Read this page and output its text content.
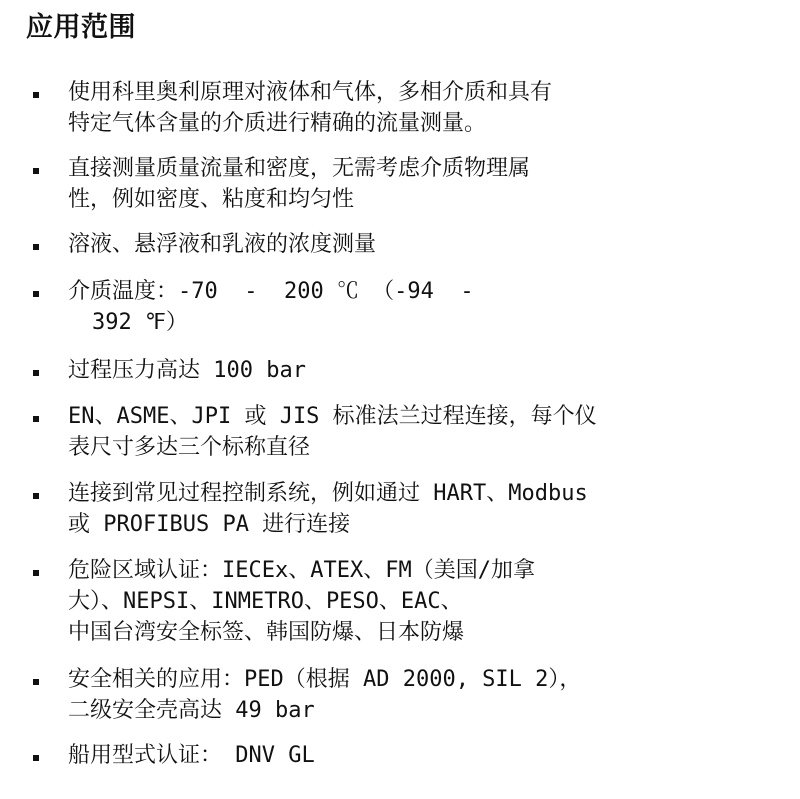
应用范围
使用科里奥利原理对液体和气体，多相介质和具有
特定气体含量的介质进行精确的流量测量。
直接测量质量流量和密度，无需考虑介质物理属
性，例如密度、粘度和均匀性
溶液、悬浮液和乳液的浓度测量
介质温度：-70  -  200 ℃ （-94  -
392 ℉）
过程压力高达 100 bar
EN、ASME、JPI 或 JIS 标准法兰过程连接，每个仪
表尺寸多达三个标称直径
连接到常见过程控制系统，例如通过 HART、Modbus
或 PROFIBUS PA 进行连接
危险区域认证：IECEx、ATEX、FM（美国/加拿
大）、NEPSI、INMETRO、PESO、EAC、
中国台湾安全标签、韩国防爆、日本防爆
安全相关的应用：PED（根据 AD 2000, SIL 2），
二级安全壳高达 49 bar
船用型式认证： DNV GL
